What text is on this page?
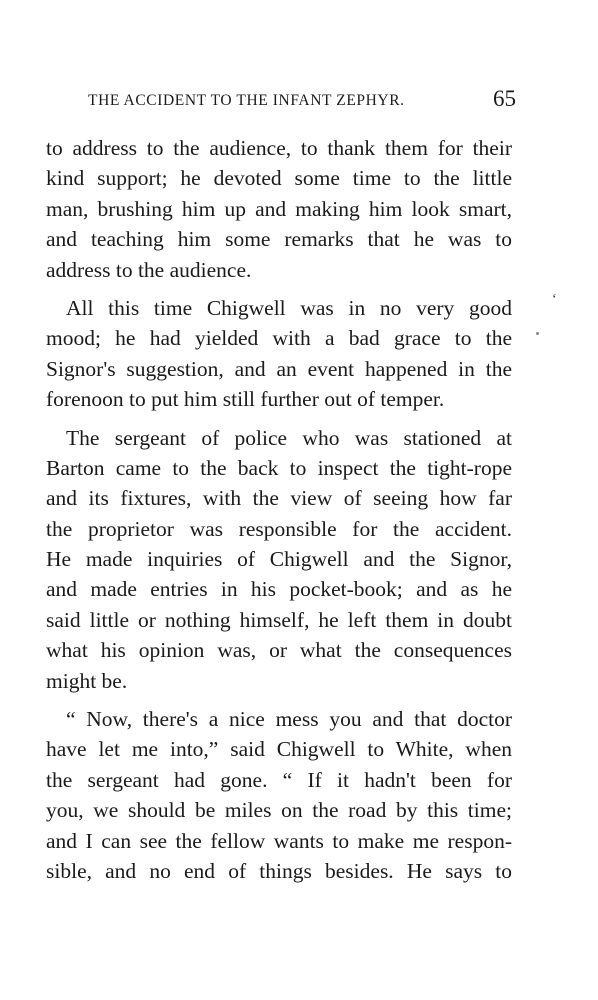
THE ACCIDENT TO THE INFANT ZEPHYR.	65
‘
to address to the audience, to thank them for their
kind support; he devoted some time to the little
man, brushing him up and making him look smart,
and teaching him some remarks that he was to
address to the audience.
All this time Chigwell was in no very good
mood; he had yielded with a bad grace to the
Signor's suggestion, and an event happened in the
forenoon to put him still further out of temper.
The sergeant of police who was stationed at
Barton came to the back to inspect the tight-rope
and its fixtures, with the view of seeing how far
the proprietor was responsible for the accident.
He made inquiries of Chigwell and the Signor,
and made entries in his pocket-book; and as he
said little or nothing himself, he left them in doubt
what his opinion was, or what the consequences
might be.
“ Now, there's a nice mess you and that doctor
have let me into,” said Chigwell to White, when
the sergeant had gone. “ If it hadn't been for
you, we should be miles on the road by this time;
and I can see the fellow wants to make me respon-
sible, and no end of things besides. He says to
